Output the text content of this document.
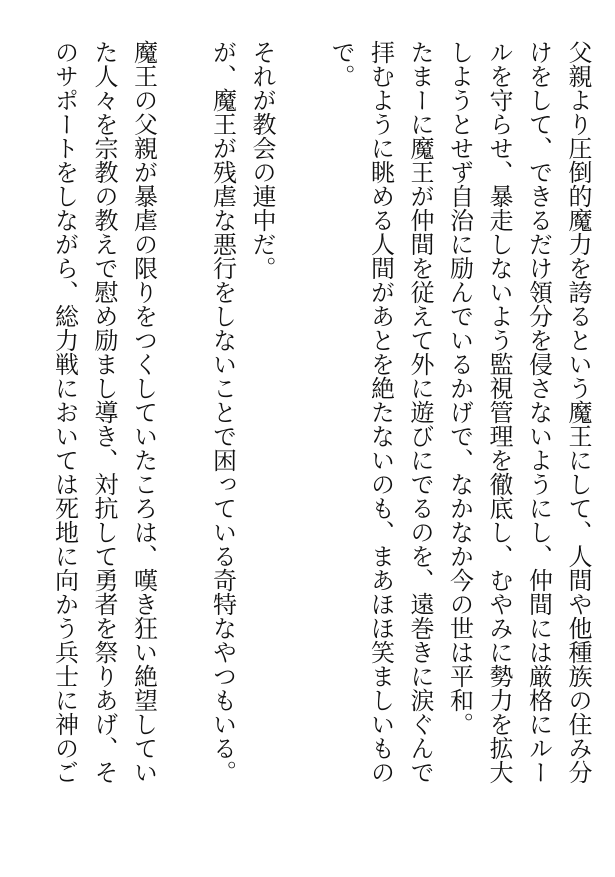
父親より圧倒的魔力を誇るという魔王にして、人間や他種族の住み分
けをして、できるだけ領分を侵さないようにし、仲間には厳格にルー
ルを守らせ、暴走しないよう監視管理を徹底し、むやみに勢力を拡大
しようとせず自治に励んでいるかげで、なかなか今の世は平和。
たまーに魔王が仲間を従えて外に遊びにでるのを、遠巻きに涙ぐんで
拝むように眺める人間があとを絶たないのも、まあほほ笑ましいもの
で。
それが教会の連中だ。
が、魔王が残虐な悪行をしないことで困っている奇特なやつもいる。
魔王の父親が暴虐の限りをつくしていたころは、嘆き狂い絶望してい
た人々を宗教の教えで慰め励まし導き、対抗して勇者を祭りあげ、そ
のサポートをしながら、総力戦においては死地に向かう兵士に神のご
